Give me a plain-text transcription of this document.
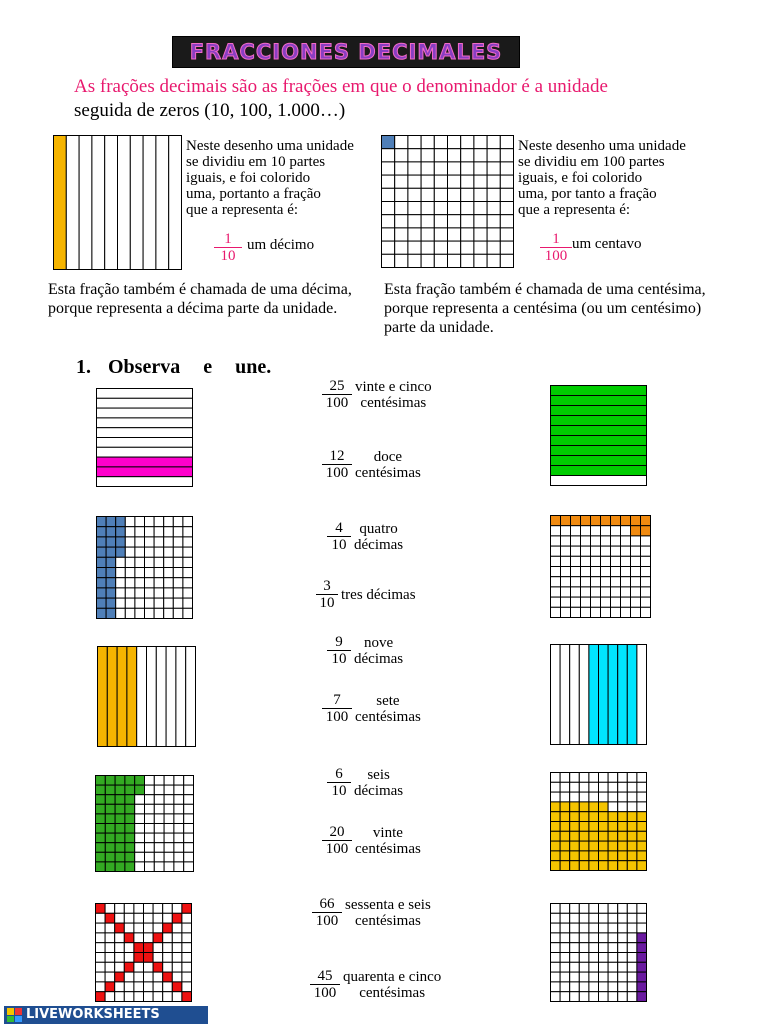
FRACCIONES DECIMALES
As frações decimais são as frações em que o denominador é a unidade
seguida de zeros (10, 100, 1.000…)
Neste desenho uma unidade
se dividiu em 10 partes
iguais, e foi colorido
uma, portanto a fração
que a representa é:
$\frac{1}{10}$ um décimo
Neste desenho uma unidade
se dividiu em 100 partes
iguais, e foi colorido
uma, por tanto a fração
que a representa é:
$\frac{1}{100}$ um centavo
Esta fração também é chamada de uma décima,
porque representa a décima parte da unidade.
Esta fração também é chamada de uma centésima,
porque representa a centésima (ou um centésimo)
parte da unidade.
1. Observa e une.
$\frac{25}{100}$ vinte e cinco
centésimas
$\frac{12}{100}$	doce
centésimas
$\frac{4}{10}$ quatro
décimas
$\frac{3}{10}$ tres décimas
$\frac{9}{10}$ nove
décimas
$\frac{7}{100}$	sete
centésimas
$\frac{6}{10}$	seis
décimas
$\frac{20}{100}$	vinte
centésimas
$\frac{66}{100}$ sessenta e seis
centésimas
$\frac{45}{100}$ quarenta e cinco
centésimas
LIVEWORKSHEETS
